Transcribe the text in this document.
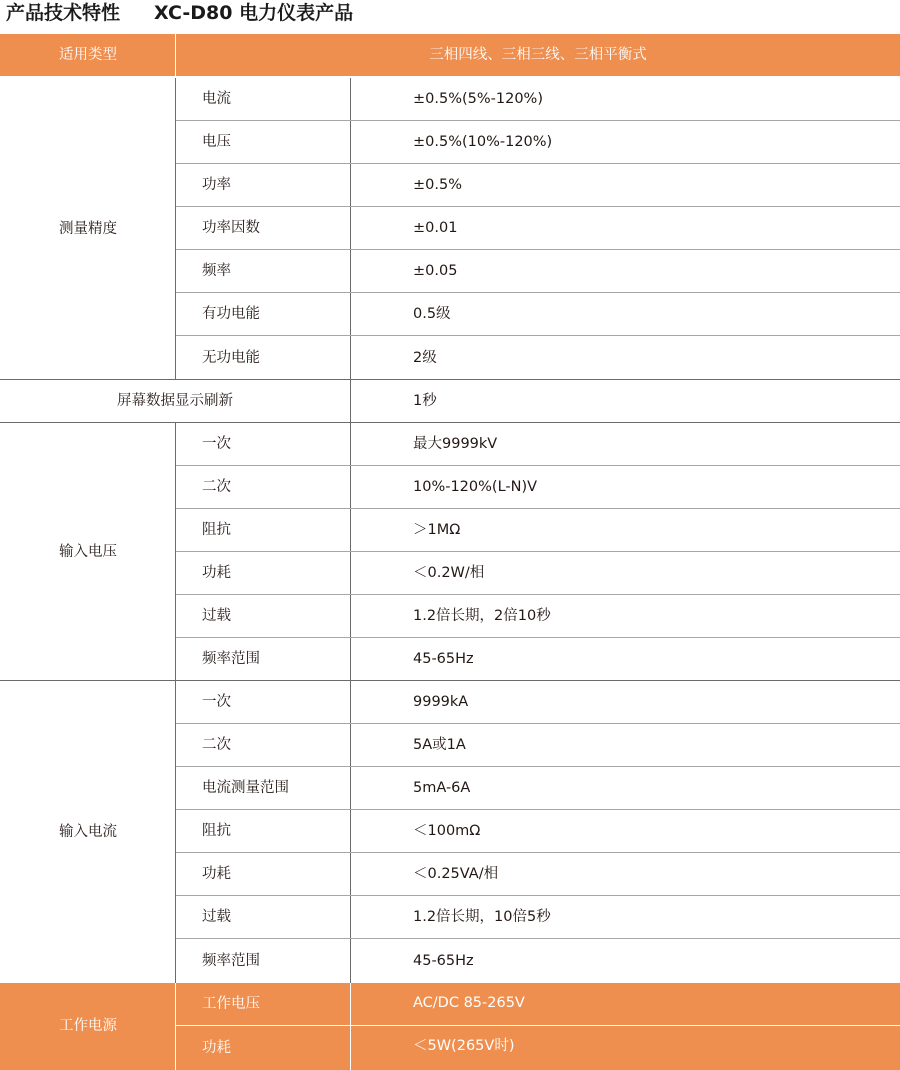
产品技术特性 XC-D80 电力仪表产品
适用类型	三相四线、三相三线、三相平衡式
测量精度
电流	±0.5%(5%-120%)
电压	±0.5%(10%-120%)
功率	±0.5%
功率因数	±0.01
频率	±0.05
有功电能	0.5级
无功电能	2级
屏幕数据显示刷新	1秒
输入电压
一次	最大9999kV
二次	10%-120%(L-N)V
阻抗	＞1MΩ
功耗	＜0.2W/相
过载	1.2倍长期，2倍10秒
频率范围	45-65Hz
输入电流
一次	9999kA
二次	5A或1A
电流测量范围	5mA-6A
阻抗	＜100mΩ
功耗	＜0.25VA/相
过载	1.2倍长期，10倍5秒
频率范围	45-65Hz
工作电源
工作电压	AC/DC 85-265V
功耗	＜5W(265V时)
